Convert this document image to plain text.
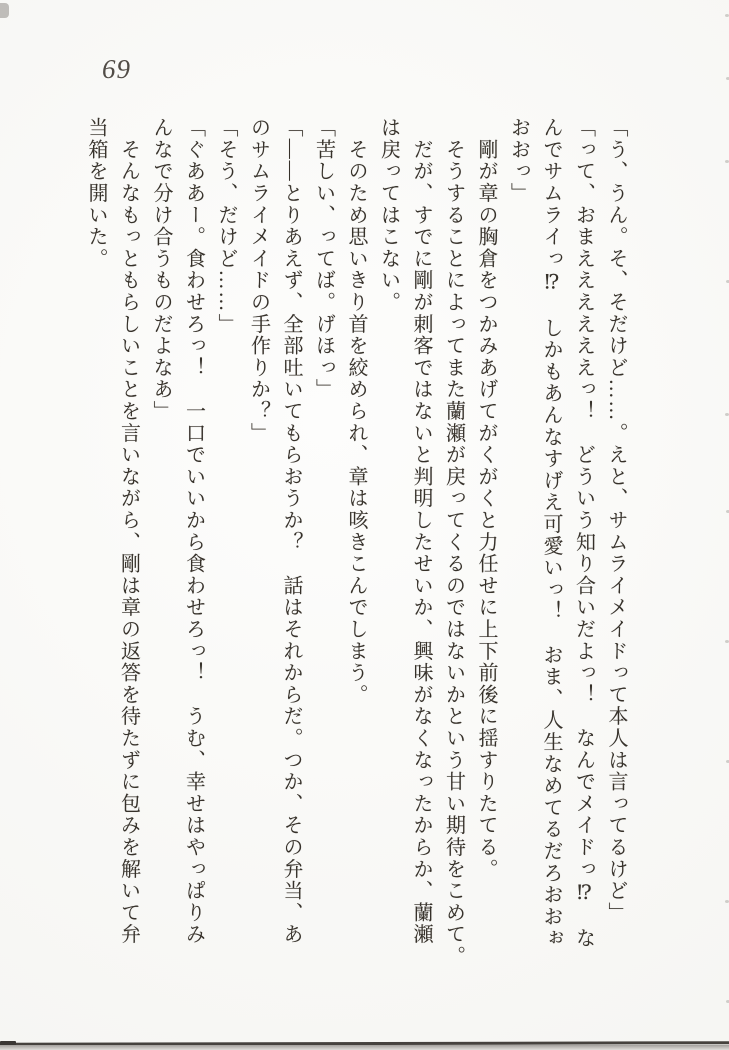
69
「う、うん。そ、そだけど……。えと、サムライメイドって本人は言ってるけど」
「って、おまええええええっ！　どういう知り合いだよっ！　なんでメイドっ⁉　な
んでサムライっ⁉　しかもあんなすげえ可愛いっ！　おま、人生なめてるだろおおぉ
おおっ」
　剛が章の胸倉をつかみあげてがくがくと力任せに上下前後に揺すりたてる。
　そうすることによってまた蘭瀬が戻ってくるのではないかという甘い期待をこめて。
　だが、すでに剛が刺客ではないと判明したせいか、興味がなくなったからか、蘭瀬
は戻ってはこない。
　そのため思いきり首を絞められ、章は咳きこんでしまう。
「苦しい、ってば。げほっ」
「――とりあえず、全部吐いてもらおうか？　話はそれからだ。つか、その弁当、あ
のサムライメイドの手作りか？」
「そう、だけど……」
「ぐああー。食わせろっ！　一口でいいから食わせろっ！　うむ、幸せはやっぱりみ
んなで分け合うものだよなあ」
　そんなもっともらしいことを言いながら、剛は章の返答を待たずに包みを解いて弁
当箱を開いた。
